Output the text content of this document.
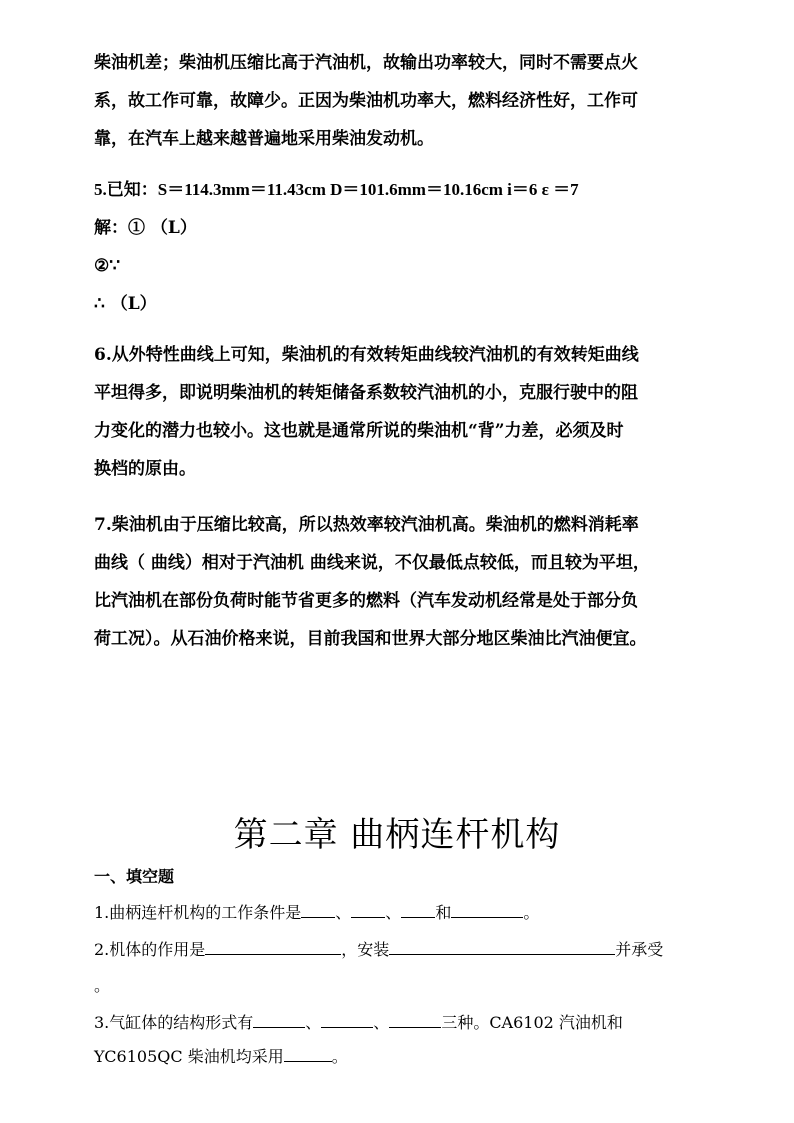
柴油机差；柴油机压缩比高于汽油机，故输出功率较大，同时不需要点火
系，故工作可靠，故障少。正因为柴油机功率大，燃料经济性好，工作可
靠，在汽车上越来越普遍地采用柴油发动机。
5.已知：S＝114.3mm＝11.43cm D＝101.6mm＝10.16cm i＝6 ε ＝7
解：① （L）
②∵
∴ （L）
6.从外特性曲线上可知，柴油机的有效转矩曲线较汽油机的有效转矩曲线
平坦得多，即说明柴油机的转矩储备系数较汽油机的小，克服行驶中的阻
力变化的潜力也较小。这也就是通常所说的柴油机“背”力差，必须及时
换档的原由。
7.柴油机由于压缩比较高，所以热效率较汽油机高。柴油机的燃料消耗率
曲线（ 曲线）相对于汽油机 曲线来说，不仅最低点较低，而且较为平坦，
比汽油机在部份负荷时能节省更多的燃料（汽车发动机经常是处于部分负
荷工况）。从石油价格来说，目前我国和世界大部分地区柴油比汽油便宜。
第二章 曲柄连杆机构
一、填空题
1.曲柄连杆机构的工作条件是 、 、 和	。
2.机体的作用是	，安装	并承受
。
3.气缸体的结构形式有	、	、	三种。CA6102 汽油机和
YC6105QC 柴油机均采用	。
